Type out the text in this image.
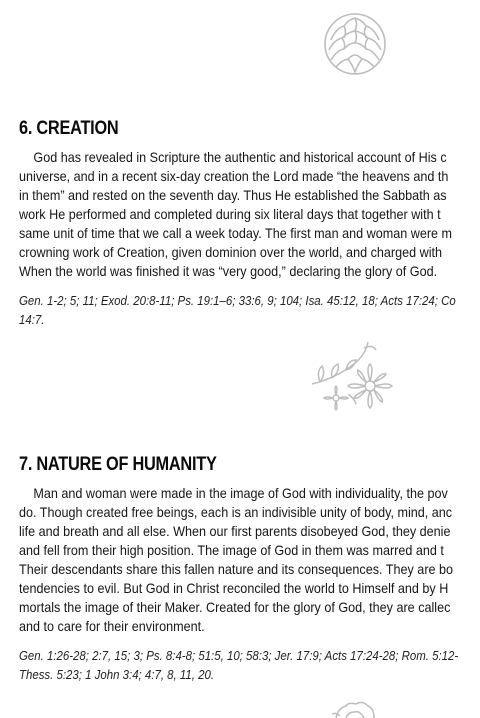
6. CREATION

God has revealed in Scripture the authentic and historical account of His c
universe, and in a recent six-day creation the Lord made “the heavens and th
in them” and rested on the seventh day. Thus He established the Sabbath as
work He performed and completed during six literal days that together with t
same unit of time that we call a week today. The first man and woman were m
crowning work of Creation, given dominion over the world, and charged with
When the world was finished it was “very good,” declaring the glory of God.

Gen. 1-2; 5; 11; Exod. 20:8-11; Ps. 19:1–6; 33:6, 9; 104; Isa. 45:12, 18; Acts 17:24; Co
14:7.

7. NATURE OF HUMANITY

Man and woman were made in the image of God with individuality, the pov
do. Though created free beings, each is an indivisible unity of body, mind, anc
life and breath and all else. When our first parents disobeyed God, they denie
and fell from their high position. The image of God in them was marred and t
Their descendants share this fallen nature and its consequences. They are bo
tendencies to evil. But God in Christ reconciled the world to Himself and by H
mortals the image of their Maker. Created for the glory of God, they are callec
and to care for their environment.

Gen. 1:26-28; 2:7, 15; 3; Ps. 8:4-8; 51:5, 10; 58:3; Jer. 17:9; Acts 17:24-28; Rom. 5:12-
Thess. 5:23; 1 John 3:4; 4:7, 8, 11, 20.
